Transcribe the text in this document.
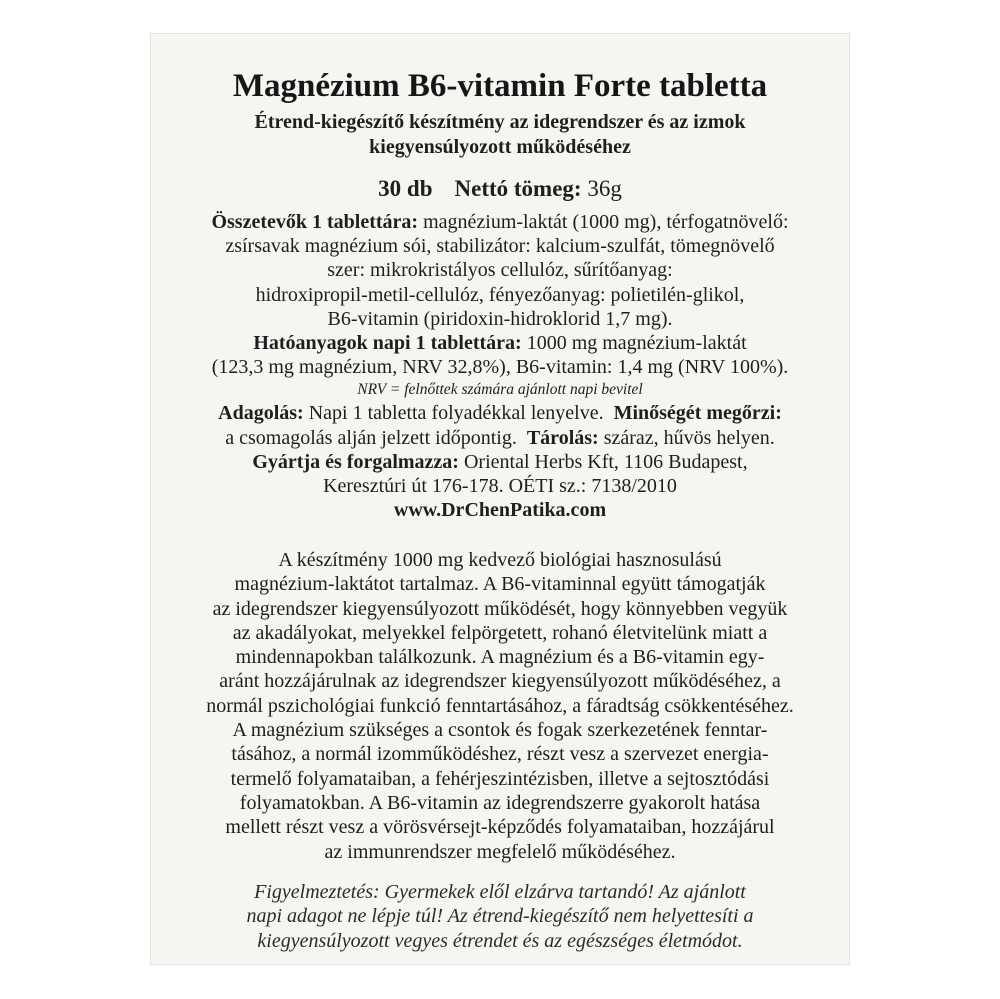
Magnézium B6-vitamin Forte tabletta
Étrend-kiegészítő készítmény az idegrendszer és az izmok
kiegyensúlyozott működéséhez
30 db Nettó tömeg: 36g
Összetevők 1 tablettára: magnézium-laktát (1000 mg), térfogatnövelő:
zsírsavak magnézium sói, stabilizátor: kalcium-szulfát, tömegnövelő
szer: mikrokristályos cellulóz, sűrítőanyag:
hidroxipropil-metil-cellulóz, fényezőanyag: polietilén-glikol,
B6-vitamin (piridoxin-hidroklorid 1,7 mg).
Hatóanyagok napi 1 tablettára: 1000 mg magnézium-laktát
(123,3 mg magnézium, NRV 32,8%), B6-vitamin: 1,4 mg (NRV 100%).
NRV = felnőttek számára ajánlott napi bevitel
Adagolás: Napi 1 tabletta folyadékkal lenyelve. Minőségét megőrzi:
a csomagolás alján jelzett időpontig. Tárolás: száraz, hűvös helyen.
Gyártja és forgalmazza: Oriental Herbs Kft, 1106 Budapest,
Keresztúri út 176-178. OÉTI sz.: 7138/2010
www.DrChenPatika.com
A készítmény 1000 mg kedvező biológiai hasznosulású
magnézium-laktátot tartalmaz. A B6-vitaminnal együtt támogatják
az idegrendszer kiegyensúlyozott működését, hogy könnyebben vegyük
az akadályokat, melyekkel felpörgetett, rohanó életvitelünk miatt a
mindennapokban találkozunk. A magnézium és a B6-vitamin egy-
aránt hozzájárulnak az idegrendszer kiegyensúlyozott működéséhez, a
normál pszichológiai funkció fenntartásához, a fáradtság csökkentéséhez.
A magnézium szükséges a csontok és fogak szerkezetének fenntar-
tásához, a normál izomműködéshez, részt vesz a szervezet energia-
termelő folyamataiban, a fehérjeszintézisben, illetve a sejtosztódási
folyamatokban. A B6-vitamin az idegrendszerre gyakorolt hatása
mellett részt vesz a vörösvérsejt-képződés folyamataiban, hozzájárul
az immunrendszer megfelelő működéséhez.
Figyelmeztetés: Gyermekek elől elzárva tartandó! Az ajánlott
napi adagot ne lépje túl! Az étrend-kiegészítő nem helyettesíti a
kiegyensúlyozott vegyes étrendet és az egészséges életmódot.
